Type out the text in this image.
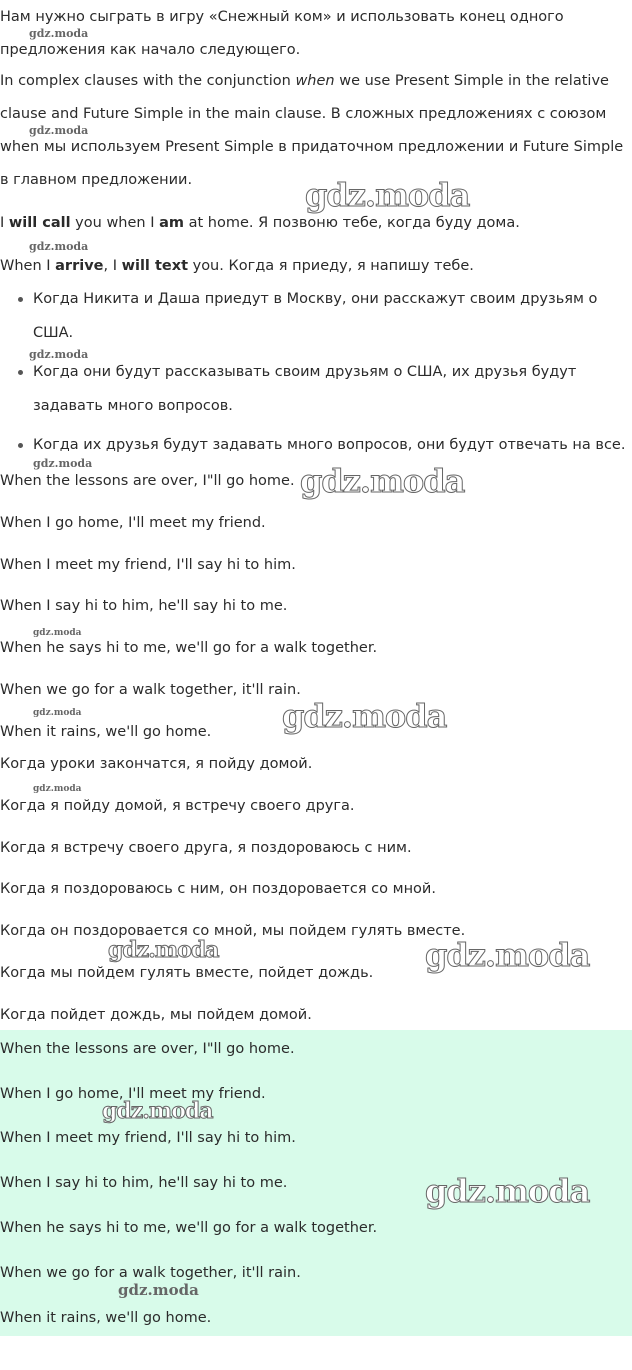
Нам нужно сыграть в игру «Снежный ком» и использовать конец одного

предложения как начало следующего.

In complex clauses with the conjunction when we use Present Simple in the relative clause and Future Simple in the main clause. В сложных предложениях с союзом when мы используем Present Simple в придаточном предложении и Future Simple в главном предложении.

I will call you when I am at home. Я позвоню тебе, когда буду дома.

When I arrive, I will text you. Когда я приеду, я напишу тебе.

Когда Никита и Даша приедут в Москву, они расскажут своим друзьям о США.
Когда они будут рассказывать своим друзьям о США, их друзья будут задавать много вопросов.
Когда их друзья будут задавать много вопросов, они будут отвечать на все.

When the lessons are over, I"ll go home.

When I go home, I'll meet my friend.

When I meet my friend, I'll say hi to him.

When I say hi to him, he'll say hi to me.

When he says hi to me, we'll go for a walk together.

When we go for a walk together, it'll rain.

When it rains, we'll go home.

Когда уроки закончатся, я пойду домой.

Когда я пойду домой, я встречу своего друга.

Когда я встречу своего друга, я поздороваюсь с ним.

Когда я поздороваюсь с ним, он поздоровается со мной.

Когда он поздоровается со мной, мы пойдем гулять вместе.

Когда мы пойдем гулять вместе, пойдет дождь.

Когда пойдет дождь, мы пойдем домой.

When the lessons are over, I"ll go home.

When I go home, I'll meet my friend.

When I meet my friend, I'll say hi to him.

When I say hi to him, he'll say hi to me.

When he says hi to me, we'll go for a walk together.

When we go for a walk together, it'll rain.

When it rains, we'll go home.

gdz.moda
gdz.moda
gdz.moda
gdz.moda
gdz.moda
gdz.moda	gdz.moda
gdz.moda
gdz.moda	gdz.moda
gdz.moda
gdz.moda	gdz.moda
gdz.moda
gdz.moda
gdz.moda
